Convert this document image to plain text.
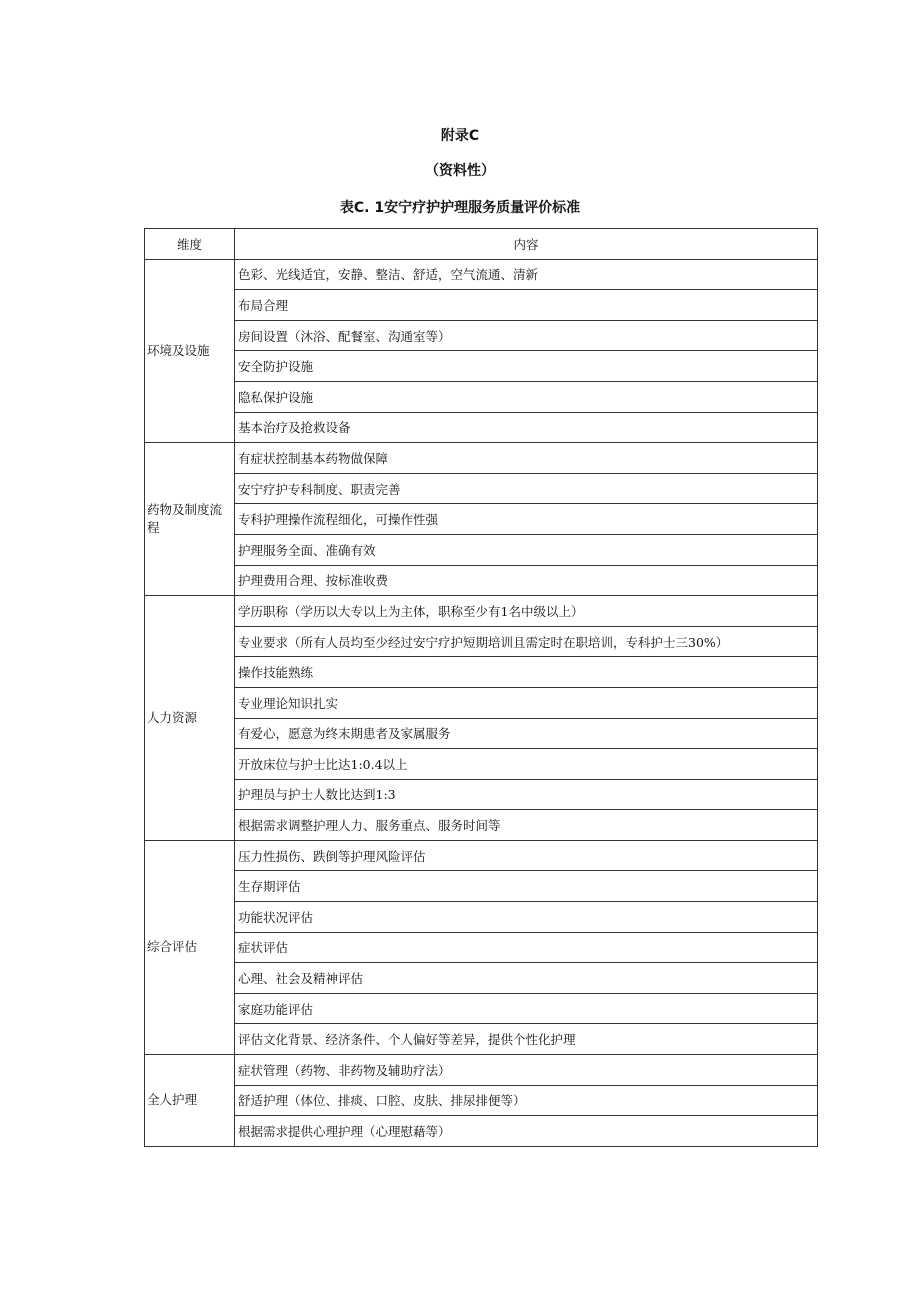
附录C
（资料性）
表C. 1安宁疗护护理服务质量评价标准
维度	内容
环境及设施	色彩、光线适宜，安静、整洁、舒适，空气流通、清新
	布局合理
	房间设置（沐浴、配餐室、沟通室等）
	安全防护设施
	隐私保护设施
	基本治疗及抢救设备
药物及制度流程	有症状控制基本药物做保障
	安宁疗护专科制度、职责完善
	专科护理操作流程细化，可操作性强
	护理服务全面、准确有效
	护理费用合理、按标准收费
人力资源	学历职称（学历以大专以上为主体，职称至少有1名中级以上）
	专业要求（所有人员均至少经过安宁疗护短期培训且需定时在职培训，专科护士三30%）
	操作技能熟练
	专业理论知识扎实
	有爱心，愿意为终末期患者及家属服务
	开放床位与护士比达1:0.4以上
	护理员与护士人数比达到1:3
	根据需求调整护理人力、服务重点、服务时间等
综合评估	压力性损伤、跌倒等护理风险评估
	生存期评估
	功能状况评估
	症状评估
	心理、社会及精神评估
	家庭功能评估
	评估文化背景、经济条件、个人偏好等差异，提供个性化护理
全人护理	症状管理（药物、非药物及辅助疗法）
	舒适护理（体位、排痰、口腔、皮肤、排尿排便等）
	根据需求提供心理护理（心理慰藉等）
